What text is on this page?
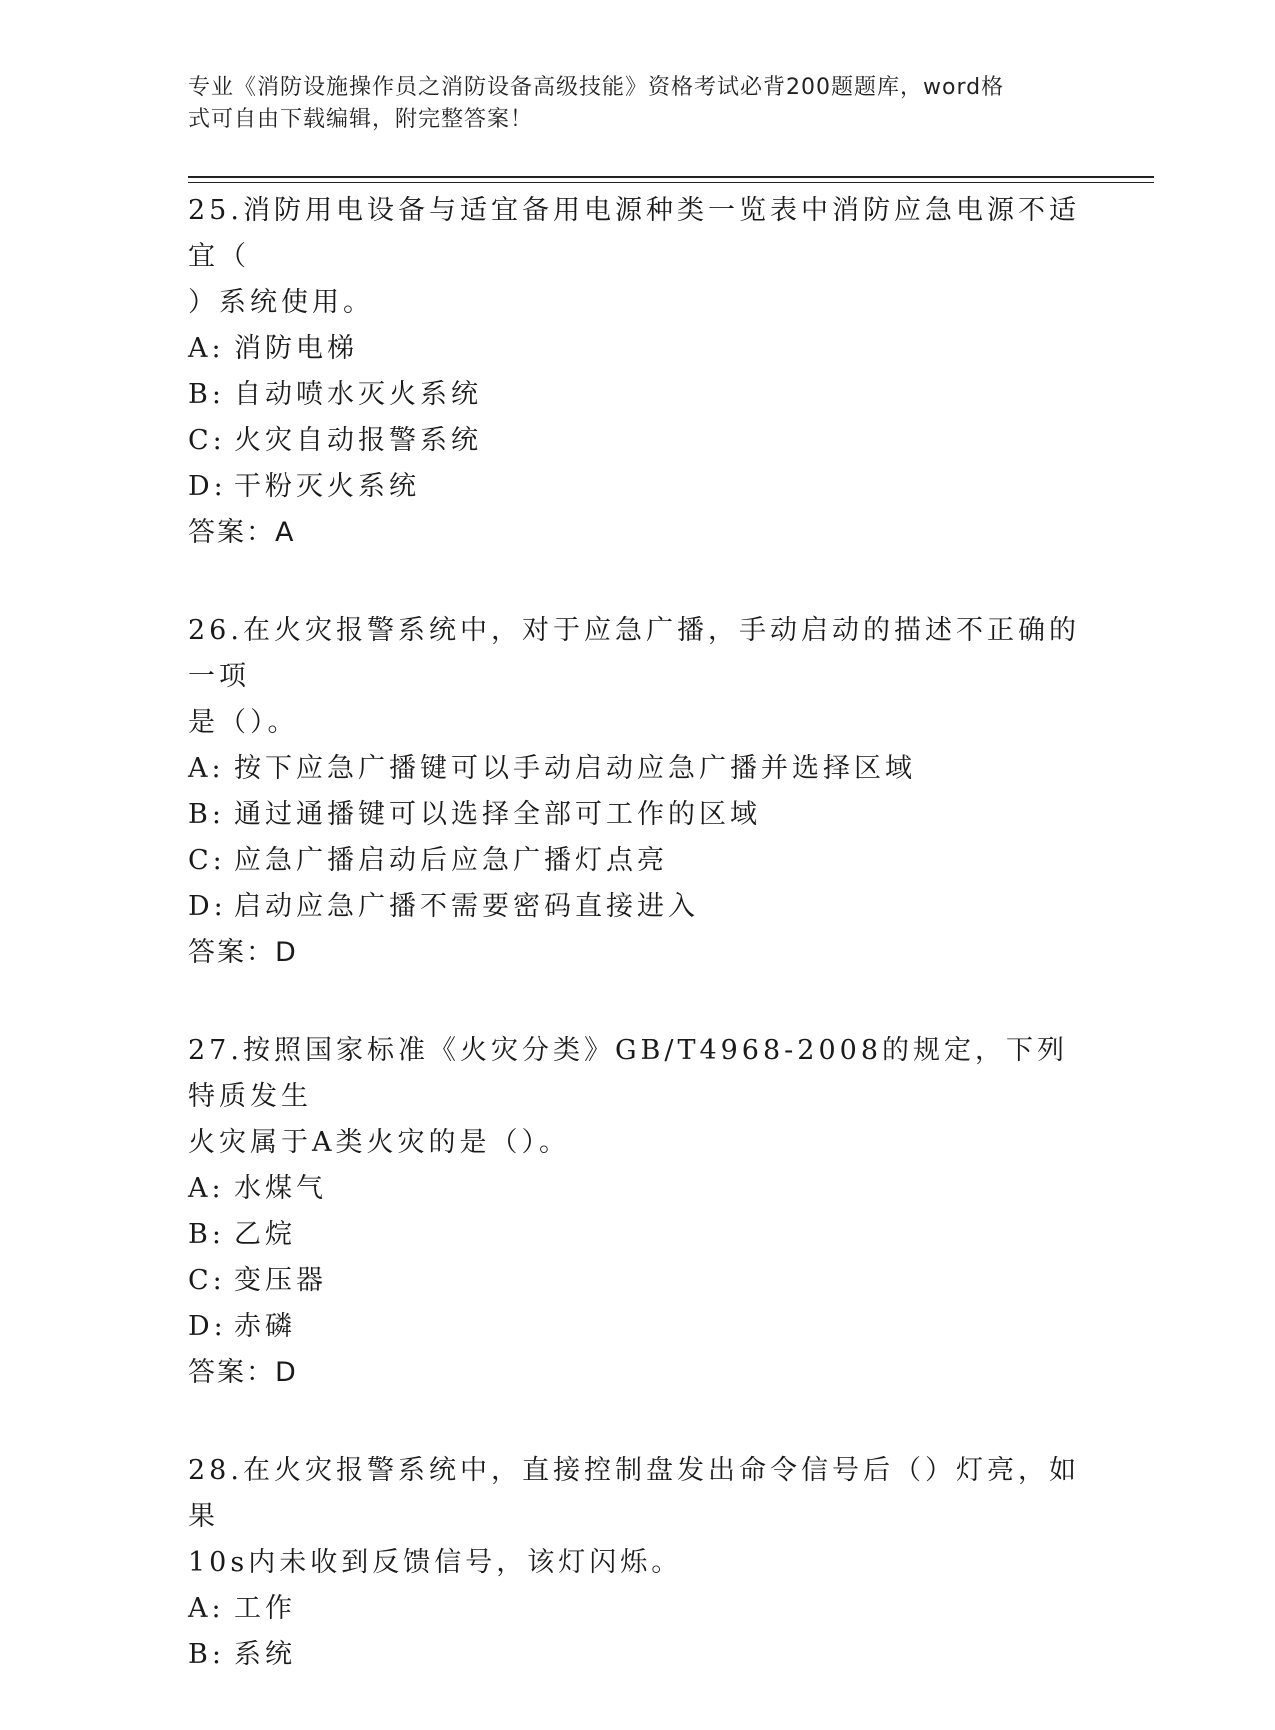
专业《消防设施操作员之消防设备高级技能》资格考试必背200题题库，word格
式可自由下载编辑，附完整答案！

25.消防用电设备与适宜备用电源种类一览表中消防应急电源不适宜（
）系统使用。

A: 消防电梯

B: 自动喷水灭火系统

C: 火灾自动报警系统

D: 干粉灭火系统

答案：A

26.在火灾报警系统中，对于应急广播，手动启动的描述不正确的一项
是（）。

A: 按下应急广播键可以手动启动应急广播并选择区域

B: 通过通播键可以选择全部可工作的区域

C: 应急广播启动后应急广播灯点亮

D: 启动应急广播不需要密码直接进入

答案：D

27.按照国家标准《火灾分类》GB/T4968-2008的规定，下列特质发生
火灾属于A类火灾的是（）。

A: 水煤气

B: 乙烷

C: 变压器

D: 赤磷

答案：D

28.在火灾报警系统中，直接控制盘发出命令信号后（）灯亮，如果
10s内未收到反馈信号，该灯闪烁。

A: 工作

B: 系统
